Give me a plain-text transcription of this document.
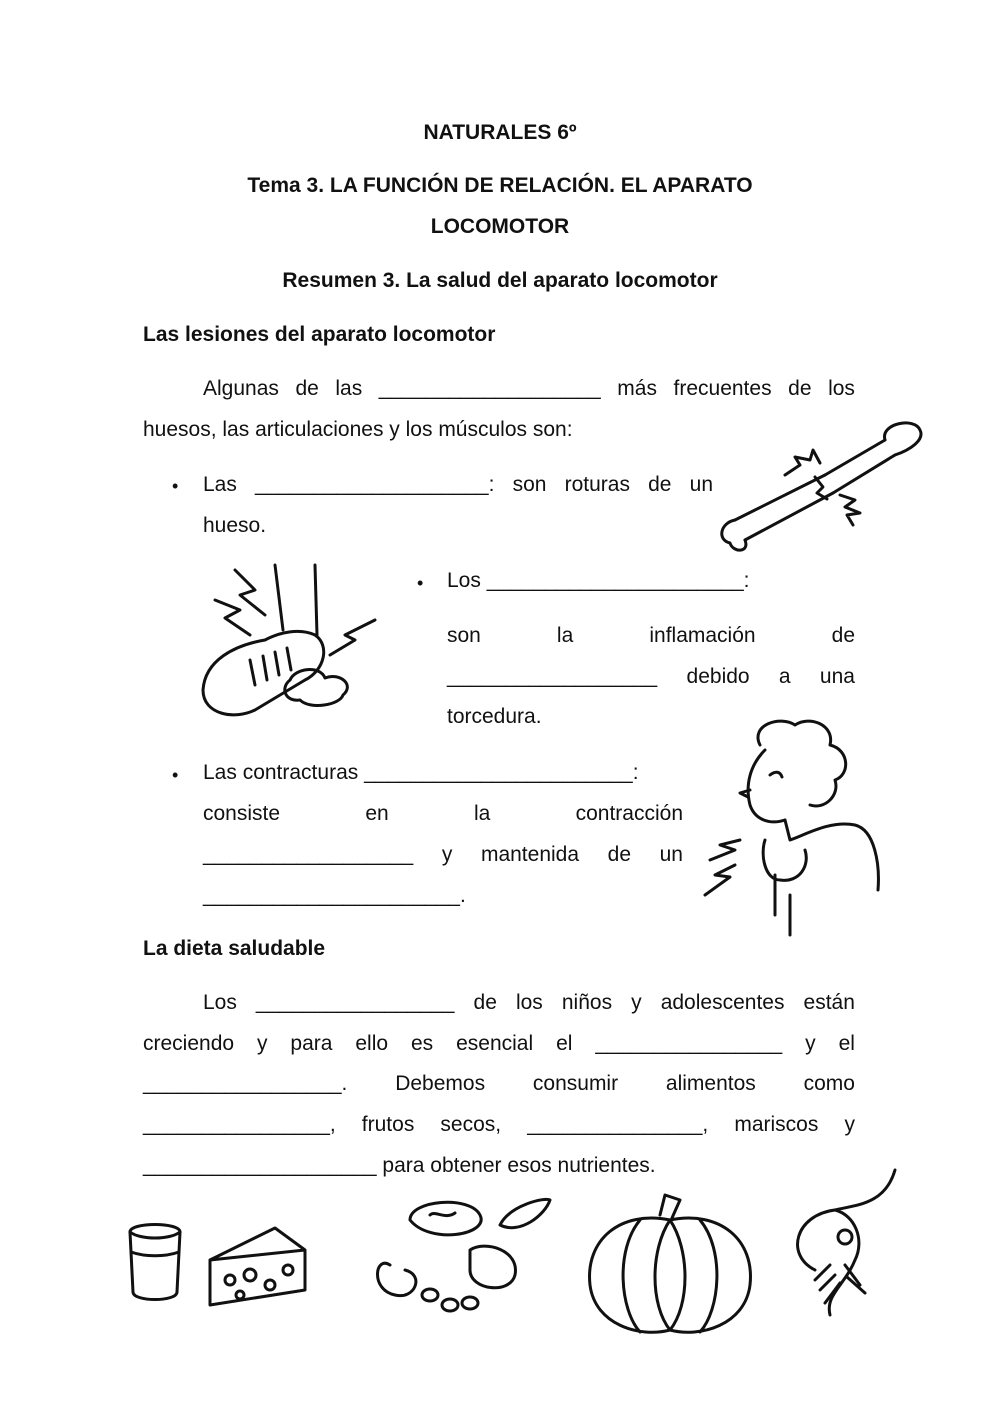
NATURALES 6º
Tema 3. LA FUNCIÓN DE RELACIÓN. EL APARATO
LOCOMOTOR
Resumen 3. La salud del aparato locomotor
Las lesiones del aparato locomotor
Algunas de las ___________________ más frecuentes de los
huesos, las articulaciones y los músculos son:
• Las ____________________: son roturas de un
hueso.
• Los ______________________:
son	la	inflamación	de
__________________ debido a una
torcedura.
• Las contracturas _______________________:
consiste	en	la	contracción
__________________ y mantenida de un
______________________.
La dieta saludable
Los _________________ de los niños y adolescentes están
creciendo y para ello es esencial el ________________ y el
_________________. Debemos consumir alimentos como
________________, frutos secos, _______________, mariscos y
____________________ para obtener esos nutrientes.
